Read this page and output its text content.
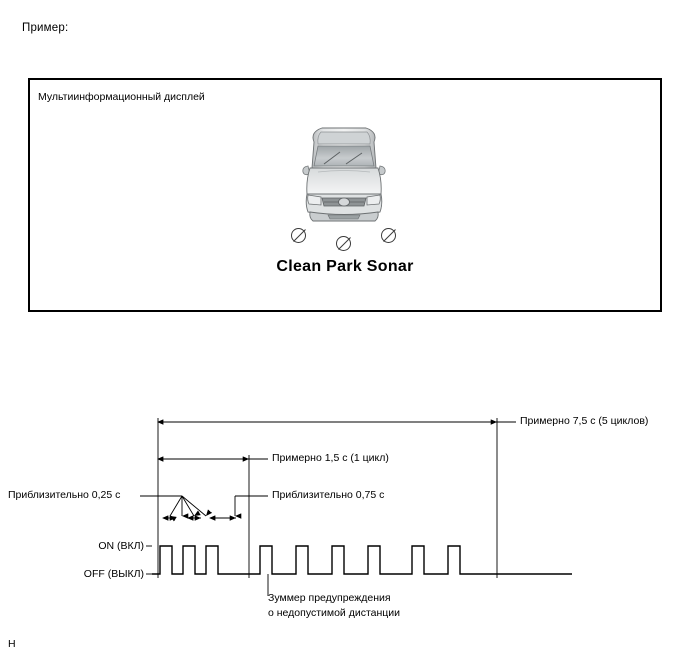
Пример:
Мультиинформационный дисплей
Clean Park Sonar
Примерно 7,5 с (5 циклов)
Примерно 1,5 с (1 цикл)
Приблизительно 0,25 с	Приблизительно 0,75 с
ON (ВКЛ)
OFF (ВЫКЛ)
Зуммер предупреждения
о недопустимой дистанции
H
